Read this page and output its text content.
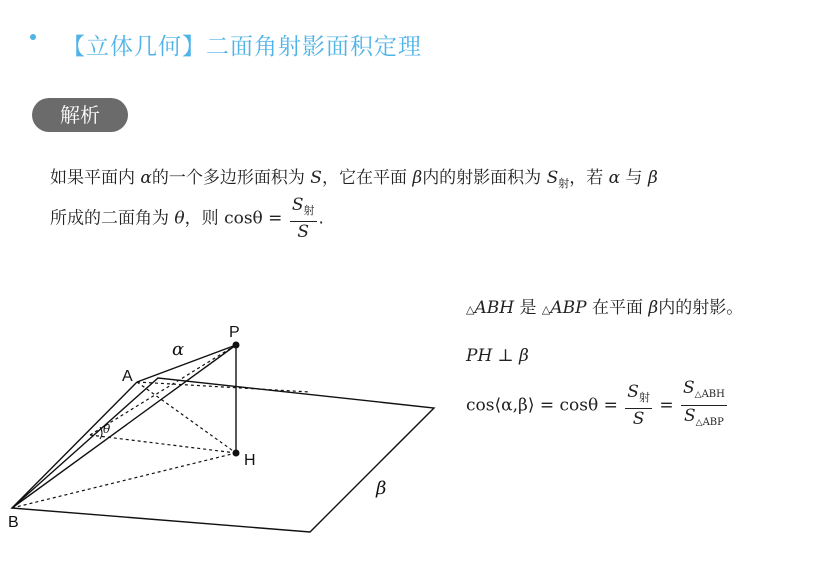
【立体几何】二面角射影面积定理
解析
如果平面内 α的一个多边形面积为 S，它在平面 β内的射影面积为 $S_射$，若 α 与 β
所成的二面角为 θ，则 $\cos\theta = \frac{S_射}{S}$ .
P
A
H
B
α
β
θ
△ABH 是 △ABP 在平面 β内的射影。
PH ⊥ β
cos⟨α,β⟩ = $\cos\theta = \frac{S_射}{S} = \frac{S_{\triangle ABH}}{S_{\triangle ABP}}$
